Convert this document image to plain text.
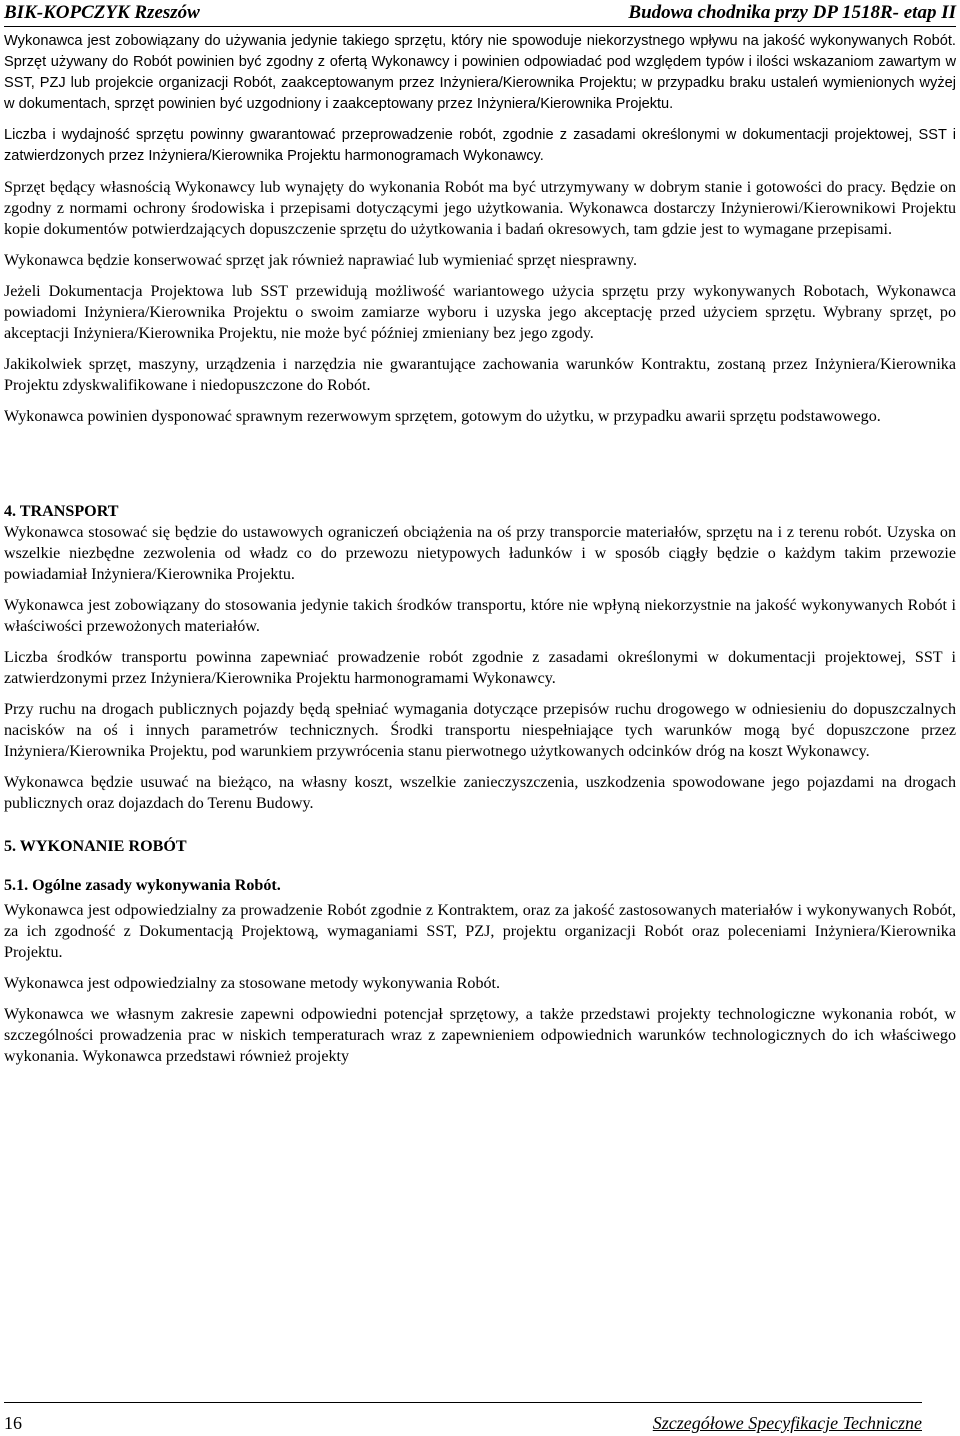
BIK-KOPCZYK Rzeszów	Budowa chodnika przy DP 1518R- etap II

Wykonawca jest zobowiązany do używania jedynie takiego sprzętu, który nie spowoduje niekorzystnego wpływu na jakość wykonywanych Robót. Sprzęt używany do Robót powinien być zgodny z ofertą Wykonawcy i powinien odpowiadać pod względem typów i ilości wskazaniom zawartym w SST, PZJ lub projekcie organizacji Robót, zaakceptowanym przez Inżyniera/Kierownika Projektu; w przypadku braku ustaleń wymienionych wyżej w dokumentach, sprzęt powinien być uzgodniony i zaakceptowany przez Inżyniera/Kierownika Projektu.

Liczba i wydajność sprzętu powinny gwarantować przeprowadzenie robót, zgodnie z zasadami określonymi w dokumentacji projektowej, SST i zatwierdzonych przez Inżyniera/Kierownika Projektu harmonogramach Wykonawcy.

Sprzęt będący własnością Wykonawcy lub wynajęty do wykonania Robót ma być utrzymywany w dobrym stanie i gotowości do pracy. Będzie on zgodny z normami ochrony środowiska i przepisami dotyczącymi jego użytkowania. Wykonawca dostarczy Inżynierowi/Kierownikowi Projektu kopie dokumentów potwierdzających dopuszczenie sprzętu do użytkowania i badań okresowych, tam gdzie jest to wymagane przepisami.

Wykonawca będzie konserwować sprzęt jak również naprawiać lub wymieniać sprzęt niesprawny.

Jeżeli Dokumentacja Projektowa lub SST przewidują możliwość wariantowego użycia sprzętu przy wykonywanych Robotach, Wykonawca powiadomi Inżyniera/Kierownika Projektu o swoim zamiarze wyboru i uzyska jego akceptację przed użyciem sprzętu. Wybrany sprzęt, po akceptacji Inżyniera/Kierownika Projektu, nie może być później zmieniany bez jego zgody.

Jakikolwiek sprzęt, maszyny, urządzenia i narzędzia nie gwarantujące zachowania warunków Kontraktu, zostaną przez Inżyniera/Kierownika Projektu zdyskwalifikowane i niedopuszczone do Robót.

Wykonawca powinien dysponować sprawnym rezerwowym sprzętem, gotowym do użytku, w przypadku awarii sprzętu podstawowego.

4. TRANSPORT

Wykonawca stosować się będzie do ustawowych ograniczeń obciążenia na oś przy transporcie materiałów, sprzętu na i z terenu robót. Uzyska on wszelkie niezbędne zezwolenia od władz co do przewozu nietypowych ładunków i w sposób ciągły będzie o każdym takim przewozie powiadamiał Inżyniera/Kierownika Projektu.

Wykonawca jest zobowiązany do stosowania jedynie takich środków transportu, które nie wpłyną niekorzystnie na jakość wykonywanych Robót i właściwości przewożonych materiałów.

Liczba środków transportu powinna zapewniać prowadzenie robót zgodnie z zasadami określonymi w dokumentacji projektowej, SST i zatwierdzonymi przez Inżyniera/Kierownika Projektu harmonogramami Wykonawcy.

Przy ruchu na drogach publicznych pojazdy będą spełniać wymagania dotyczące przepisów ruchu drogowego w odniesieniu do dopuszczalnych nacisków na oś i innych parametrów technicznych. Środki transportu niespełniające tych warunków mogą być dopuszczone przez Inżyniera/Kierownika Projektu, pod warunkiem przywrócenia stanu pierwotnego użytkowanych odcinków dróg na koszt Wykonawcy.

Wykonawca będzie usuwać na bieżąco, na własny koszt, wszelkie zanieczyszczenia, uszkodzenia spowodowane jego pojazdami na drogach publicznych oraz dojazdach do Terenu Budowy.

5. WYKONANIE ROBÓT
5.1. Ogólne zasady wykonywania Robót.

Wykonawca jest odpowiedzialny za prowadzenie Robót zgodnie z Kontraktem, oraz za jakość zastosowanych materiałów i wykonywanych Robót, za ich zgodność z Dokumentacją Projektową, wymaganiami SST, PZJ, projektu organizacji Robót oraz poleceniami Inżyniera/Kierownika Projektu.

Wykonawca jest odpowiedzialny za stosowane metody wykonywania Robót.

Wykonawca we własnym zakresie zapewni odpowiedni potencjał sprzętowy, a także przedstawi projekty technologiczne wykonania robót, w szczególności prowadzenia prac w niskich temperaturach wraz z zapewnieniem odpowiednich warunków technologicznych do ich właściwego wykonania. Wykonawca przedstawi również projekty

16	Szczegółowe Specyfikacje Techniczne
